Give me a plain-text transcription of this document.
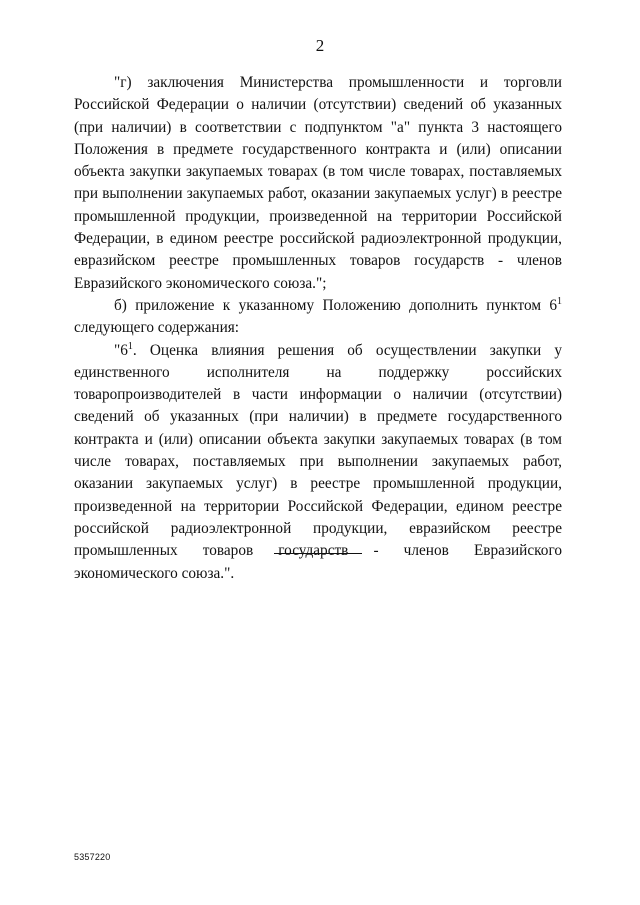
2

"г) заключения Министерства промышленности и торговли Российской Федерации о наличии (отсутствии) сведений об указанных (при наличии) в соответствии с подпунктом "а" пункта 3 настоящего Положения в предмете государственного контракта и (или) описании объекта закупки закупаемых товарах (в том числе товарах, поставляемых при выполнении закупаемых работ, оказании закупаемых услуг) в реестре промышленной продукции, произведенной на территории Российской Федерации, в едином реестре российской радиоэлектронной продукции, евразийском реестре промышленных товаров государств - членов Евразийского экономического союза.";

б) приложение к указанному Положению дополнить пунктом $6^1$ следующего содержания:

"$6^1$. Оценка влияния решения об осуществлении закупки у единственного исполнителя на поддержку российских товаропроизводителей в части информации о наличии (отсутствии) сведений об указанных (при наличии) в предмете государственного контракта и (или) описании объекта закупки закупаемых товарах (в том числе товарах, поставляемых при выполнении закупаемых работ, оказании закупаемых услуг) в реестре промышленной продукции, произведенной на территории Российской Федерации, едином реестре российской радиоэлектронной продукции, евразийском реестре промышленных товаров государств - членов Евразийского экономического союза.".

5357220
